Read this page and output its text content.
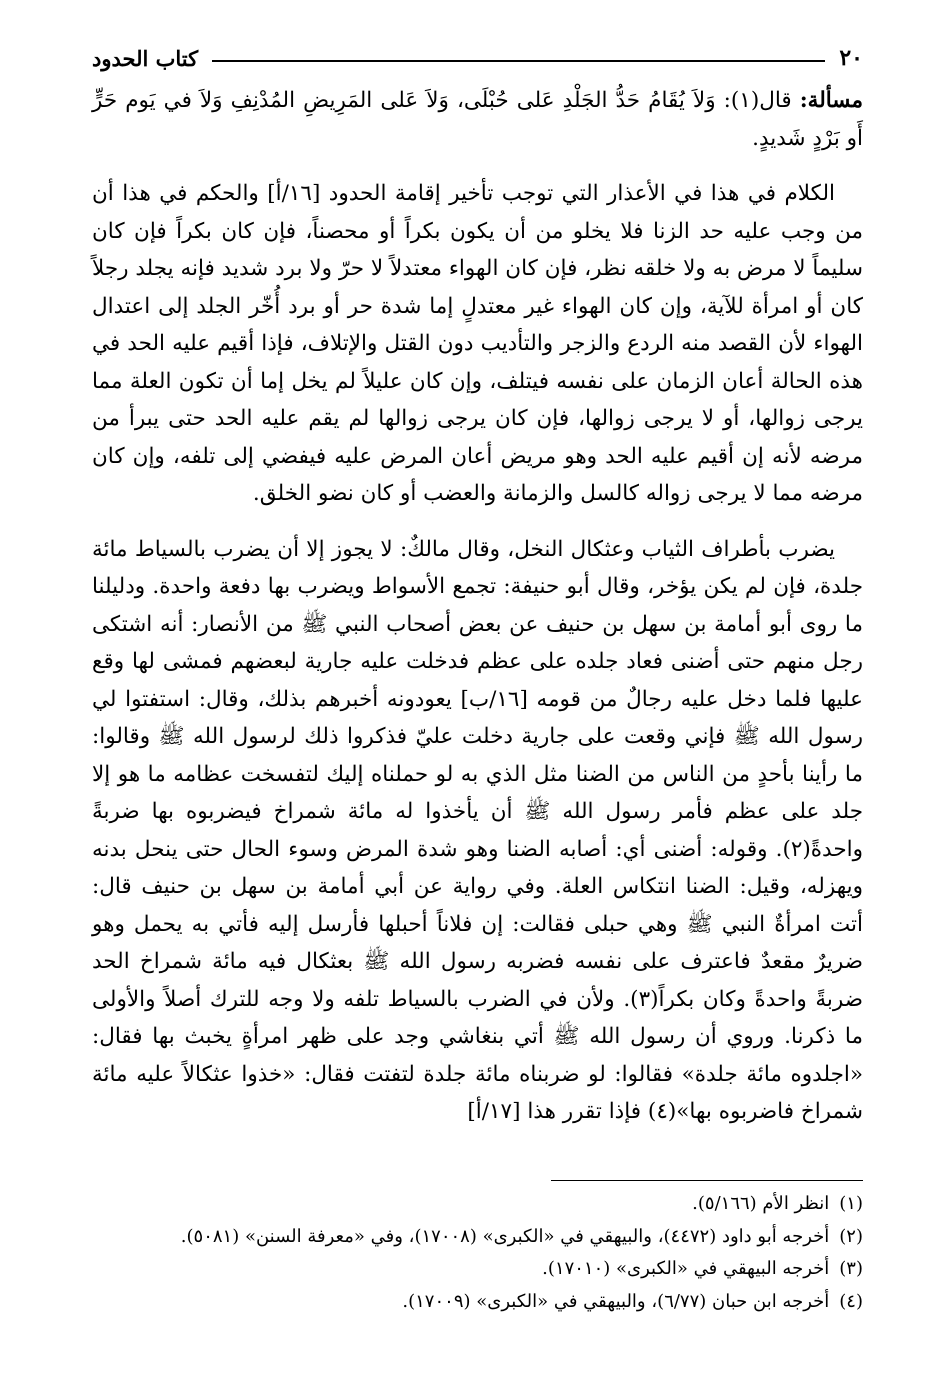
٢٠
كتاب الحدود

مسألة: قال(١): وَلاَ يُقَامُ حَدُّ الجَلْدِ عَلى حُبْلَى، وَلاَ عَلى المَرِيضِ المُدْنِفِ وَلاَ في يَوم حَرٍّ أَو بَرْدٍ شَديدٍ.

الكلام في هذا في الأعذار التي توجب تأخير إقامة الحدود [١٦/أ] والحكم في هذا أن من وجب عليه حد الزنا فلا يخلو من أن يكون بكراً أو محصناً، فإن كان بكراً فإن كان سليماً لا مرض به ولا خلقه نظر، فإن كان الهواء معتدلاً لا حرّ ولا برد شديد فإنه يجلد رجلاً كان أو امرأة للآية، وإن كان الهواء غير معتدلٍ إما شدة حر أو برد أُخّر الجلد إلى اعتدال الهواء لأن القصد منه الردع والزجر والتأديب دون القتل والإتلاف، فإذا أقيم عليه الحد في هذه الحالة أعان الزمان على نفسه فيتلف، وإن كان عليلاً لم يخل إما أن تكون العلة مما يرجى زوالها، أو لا يرجى زوالها، فإن كان يرجى زوالها لم يقم عليه الحد حتى يبرأ من مرضه لأنه إن أقيم عليه الحد وهو مريض أعان المرض عليه فيفضي إلى تلفه، وإن كان مرضه مما لا يرجى زواله كالسل والزمانة والعضب أو كان نضو الخلق.

يضرب بأطراف الثياب وعثكال النخل، وقال مالكٌ: لا يجوز إلا أن يضرب بالسياط مائة جلدة، فإن لم يكن يؤخر، وقال أبو حنيفة: تجمع الأسواط ويضرب بها دفعة واحدة. ودليلنا ما روى أبو أمامة بن سهل بن حنيف عن بعض أصحاب النبي ﷺ من الأنصار: أنه اشتكى رجل منهم حتى أضنى فعاد جلده على عظم فدخلت عليه جارية لبعضهم فمشى لها وقع عليها فلما دخل عليه رجالٌ من قومه [١٦/ب] يعودونه أخبرهم بذلك، وقال: استفتوا لي رسول الله ﷺ فإني وقعت على جارية دخلت عليّ فذكروا ذلك لرسول الله ﷺ وقالوا: ما رأينا بأحدٍ من الناس من الضنا مثل الذي به لو حملناه إليك لتفسخت عظامه ما هو إلا جلد على عظم فأمر رسول الله ﷺ أن يأخذوا له مائة شمراخ فيضربوه بها ضربةً واحدةً(٢). وقوله: أضنى أي: أصابه الضنا وهو شدة المرض وسوء الحال حتى ينحل بدنه ويهزله، وقيل: الضنا انتكاس العلة. وفي رواية عن أبي أمامة بن سهل بن حنيف قال: أتت امرأةٌ النبي ﷺ وهي حبلى فقالت: إن فلاناً أحبلها فأرسل إليه فأتي به يحمل وهو ضريرٌ مقعدٌ فاعترف على نفسه فضربه رسول الله ﷺ بعثكال فيه مائة شمراخ الحد ضربةً واحدةً وكان بكراً(٣). ولأن في الضرب بالسياط تلفه ولا وجه للترك أصلاً والأولى ما ذكرنا. وروي أن رسول الله ﷺ أتي بنغاشي وجد على ظهر امرأةٍ يخبث بها فقال: «اجلدوه مائة جلدة» فقالوا: لو ضربناه مائة جلدة لتفتت فقال: «خذوا عثكالاً عليه مائة شمراخ فاضربوه بها»(٤) فإذا تقرر هذا [١٧/أ]

(١)
انظر الأم (٥/١٦٦).
(٢)
أخرجه أبو داود (٤٤٧٢)، والبيهقي في «الكبرى» (١٧٠٠٨)، وفي «معرفة السنن» (٥٠٨١).
(٣)
أخرجه البيهقي في «الكبرى» (١٧٠١٠).
(٤)
أخرجه ابن حبان (٦/٧٧)، والبيهقي في «الكبرى» (١٧٠٠٩).
